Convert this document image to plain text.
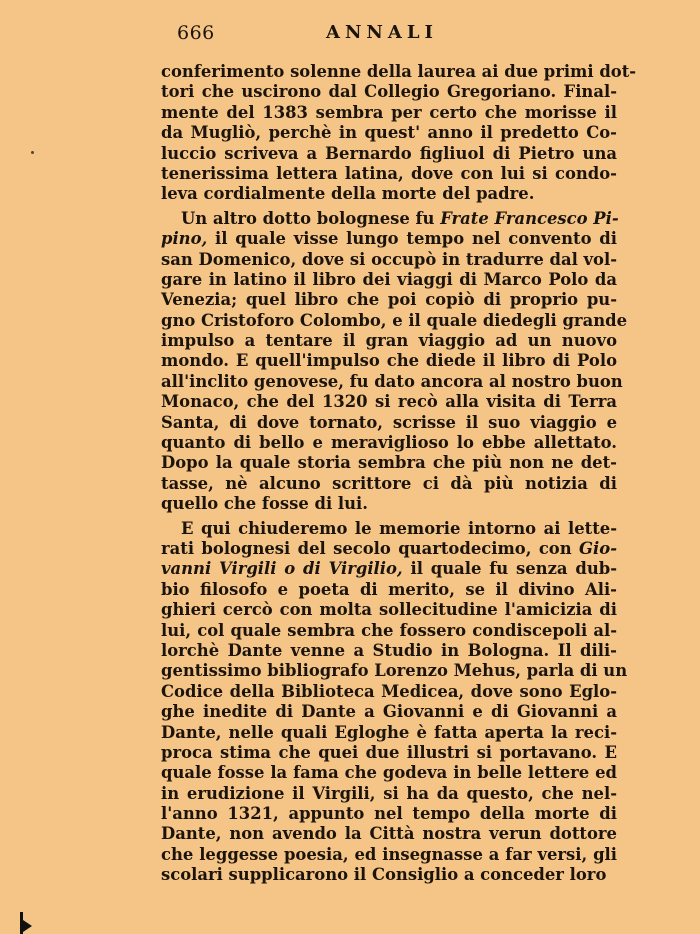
666	ANNALI
conferimento solenne della laurea ai due primi dot-
tori che uscirono dal Collegio Gregoriano. Final-
mente del 1383 sembra per certo che morisse il
da Mugliò, perchè in quest' anno il predetto Co-
luccio scriveva a Bernardo figliuol di Pietro una
tenerissima lettera latina, dove con lui si condo-
leva cordialmente della morte del padre.
Un altro dotto bolognese fu Frate Francesco Pi-
pino, il quale visse lungo tempo nel convento di
san Domenico, dove si occupò in tradurre dal vol-
gare in latino il libro dei viaggi di Marco Polo da
Venezia; quel libro che poi copiò di proprio pu-
gno Cristoforo Colombo, e il quale diedegli grande
impulso a tentare il gran viaggio ad un nuovo
mondo. E quell'impulso che diede il libro di Polo
all'inclito genovese, fu dato ancora al nostro buon
Monaco, che del 1320 si recò alla visita di Terra
Santa, di dove tornato, scrisse il suo viaggio e
quanto di bello e meraviglioso lo ebbe allettato.
Dopo la quale storia sembra che più non ne det-
tasse, nè alcuno scrittore ci dà più notizia di
quello che fosse di lui.
E qui chiuderemo le memorie intorno ai lette-
rati bolognesi del secolo quartodecimo, con Gio-
vanni Virgili o di Virgilio, il quale fu senza dub-
bio filosofo e poeta di merito, se il divino Ali-
ghieri cercò con molta sollecitudine l'amicizia di
lui, col quale sembra che fossero condiscepoli al-
lorchè Dante venne a Studio in Bologna. Il dili-
gentissimo bibliografo Lorenzo Mehus, parla di un
Codice della Biblioteca Medicea, dove sono Eglo-
ghe inedite di Dante a Giovanni e di Giovanni a
Dante, nelle quali Egloghe è fatta aperta la reci-
proca stima che quei due illustri si portavano. E
quale fosse la fama che godeva in belle lettere ed
in erudizione il Virgili, si ha da questo, che nel-
l'anno 1321, appunto nel tempo della morte di
Dante, non avendo la Città nostra verun dottore
che leggesse poesia, ed insegnasse a far versi, gli
scolari supplicarono il Consiglio a conceder loro
